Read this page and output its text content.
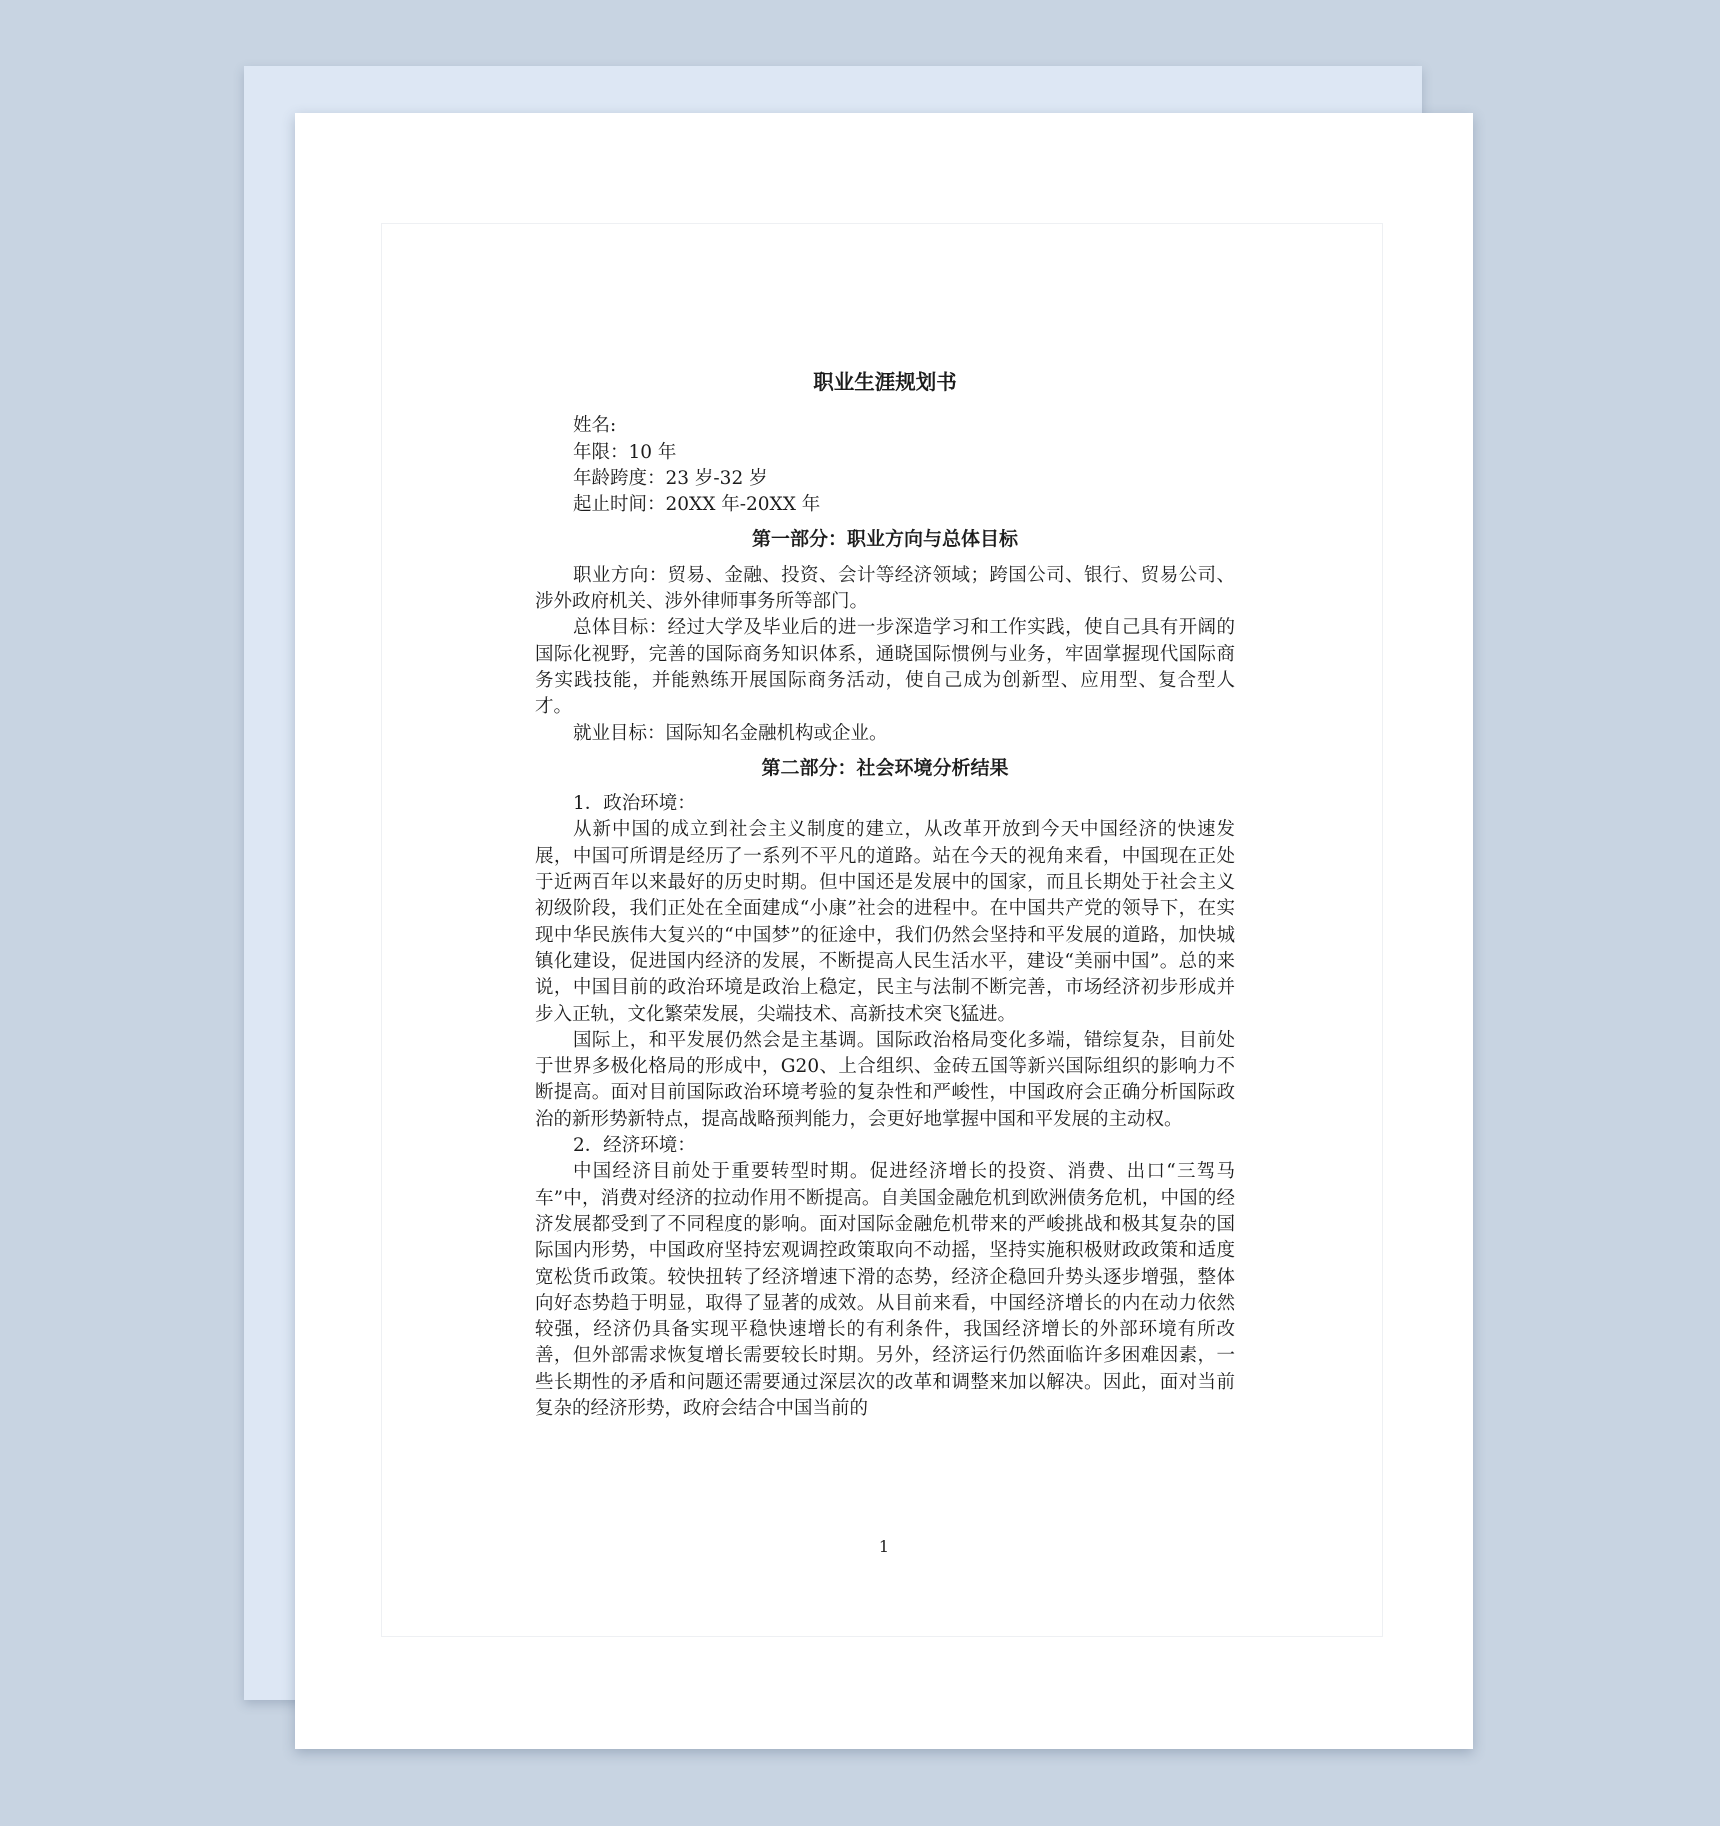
职业生涯规划书
姓名:
年限：10 年
年龄跨度：23 岁-32 岁
起止时间：20XX 年-20XX 年
第一部分：职业方向与总体目标

职业方向：贸易、金融、投资、会计等经济领域；跨国公司、银行、贸易公司、涉外政府机关、涉外律师事务所等部门。

总体目标：经过大学及毕业后的进一步深造学习和工作实践，使自己具有开阔的国际化视野，完善的国际商务知识体系，通晓国际惯例与业务，牢固掌握现代国际商务实践技能，并能熟练开展国际商务活动，使自己成为创新型、应用型、复合型人才。

就业目标：国际知名金融机构或企业。

第二部分：社会环境分析结果

1．政治环境：

从新中国的成立到社会主义制度的建立，从改革开放到今天中国经济的快速发展，中国可所谓是经历了一系列不平凡的道路。站在今天的视角来看，中国现在正处于近两百年以来最好的历史时期。但中国还是发展中的国家，而且长期处于社会主义初级阶段，我们正处在全面建成“小康”社会的进程中。在中国共产党的领导下，在实现中华民族伟大复兴的“中国梦”的征途中，我们仍然会坚持和平发展的道路，加快城镇化建设，促进国内经济的发展，不断提高人民生活水平，建设“美丽中国”。总的来说，中国目前的政治环境是政治上稳定，民主与法制不断完善，市场经济初步形成并步入正轨，文化繁荣发展，尖端技术、高新技术突飞猛进。

国际上，和平发展仍然会是主基调。国际政治格局变化多端，错综复杂，目前处于世界多极化格局的形成中，G20、上合组织、金砖五国等新兴国际组织的影响力不断提高。面对目前国际政治环境考验的复杂性和严峻性，中国政府会正确分析国际政治的新形势新特点，提高战略预判能力，会更好地掌握中国和平发展的主动权。

2．经济环境：

中国经济目前处于重要转型时期。促进经济增长的投资、消费、出口“三驾马车”中，消费对经济的拉动作用不断提高。自美国金融危机到欧洲债务危机，中国的经济发展都受到了不同程度的影响。面对国际金融危机带来的严峻挑战和极其复杂的国际国内形势，中国政府坚持宏观调控政策取向不动摇，坚持实施积极财政政策和适度宽松货币政策。较快扭转了经济增速下滑的态势，经济企稳回升势头逐步增强，整体向好态势趋于明显，取得了显著的成效。从目前来看，中国经济增长的内在动力依然较强，经济仍具备实现平稳快速增长的有利条件，我国经济增长的外部环境有所改善，但外部需求恢复增长需要较长时期。另外，经济运行仍然面临许多困难因素，一些长期性的矛盾和问题还需要通过深层次的改革和调整来加以解决。因此，面对当前复杂的经济形势，政府会结合中国当前的

1
